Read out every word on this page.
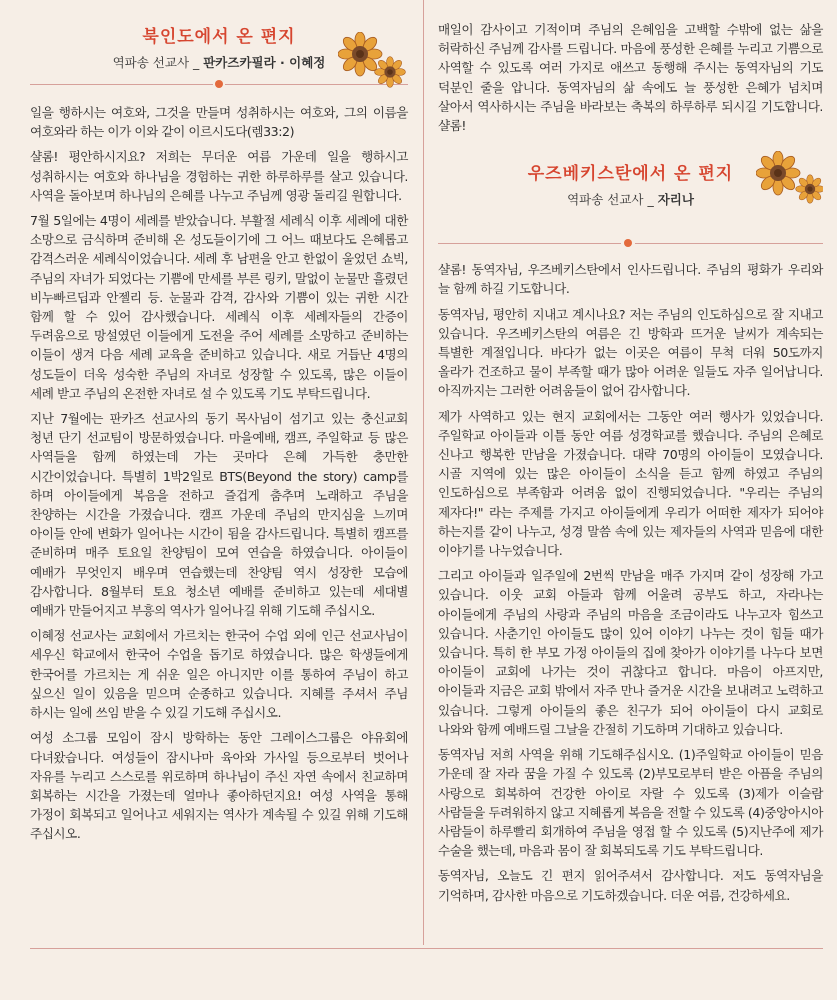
북인도에서 온 편지
역파송 선교사 _ 판카즈카필라 · 이혜정

일을 행하시는 여호와, 그것을 만들며 성취하시는 여호와, 그의 이름을 여호와라 하는 이가 이와 같이 이르시도다(렘33:2)

샬롬! 평안하시지요? 저희는 무더운 여름 가운데 일을 행하시고 성취하시는 여호와 하나님을 경험하는 귀한 하루하루를 살고 있습니다. 사역을 돌아보며 하나님의 은혜를 나누고 주님께 영광 돌리길 원합니다.

7월 5일에는 4명이 세례를 받았습니다. 부활절 세례식 이후 세례에 대한 소망으로 금식하며 준비해 온 성도들이기에 그 어느 때보다도 은혜롭고 감격스러운 세례식이었습니다. 세례 후 남편을 안고 한없이 울었던 쇼빅, 주님의 자녀가 되었다는 기쁨에 만세를 부른 링키, 말없이 눈물만 흘렸던 비누빠르딥과 안젤리 등. 눈물과 감격, 감사와 기쁨이 있는 귀한 시간 함께 할 수 있어 감사했습니다. 세례식 이후 세례자들의 간증이 두려움으로 망설였던 이들에게 도전을 주어 세례를 소망하고 준비하는 이들이 생겨 다음 세례 교육을 준비하고 있습니다. 새로 거듭난 4명의 성도들이 더욱 성숙한 주님의 자녀로 성장할 수 있도록, 많은 이들이 세례 받고 주님의 온전한 자녀로 설 수 있도록 기도 부탁드립니다.

지난 7월에는 판카즈 선교사의 동기 목사님이 섬기고 있는 충신교회 청년 단기 선교팀이 방문하였습니다. 마을예배, 캠프, 주일학교 등 많은 사역들을 함께 하였는데 가는 곳마다 은혜 가득한 충만한 시간이었습니다. 특별히 1박2일로 BTS(Beyond the story) camp를 하며 아이들에게 복음을 전하고 즐겁게 춤추며 노래하고 주님을 찬양하는 시간을 가졌습니다. 캠프 가운데 주님의 만지심을 느끼며 아이들 안에 변화가 일어나는 시간이 됨을 감사드립니다. 특별히 캠프를 준비하며 매주 토요일 찬양팀이 모여 연습을 하였습니다. 아이들이 예배가 무엇인지 배우며 연습했는데 찬양팀 역시 성장한 모습에 감사합니다. 8월부터 토요 청소년 예배를 준비하고 있는데 세대별 예배가 만들어지고 부흥의 역사가 일어나길 위해 기도해 주십시오.

이혜정 선교사는 교회에서 가르치는 한국어 수업 외에 인근 선교사님이 세우신 학교에서 한국어 수업을 돕기로 하였습니다. 많은 학생들에게 한국어를 가르치는 게 쉬운 일은 아니지만 이를 통하여 주님이 하고 싶으신 일이 있음을 믿으며 순종하고 있습니다. 지혜를 주셔서 주님 하시는 일에 쓰임 받을 수 있길 기도해 주십시오.

여성 소그룹 모임이 잠시 방학하는 동안 그레이스그룹은 야유회에 다녀왔습니다. 여성들이 잠시나마 육아와 가사일 등으로부터 벗어나 자유를 누리고 스스로를 위로하며 하나님이 주신 자연 속에서 친교하며 회복하는 시간을 가졌는데 얼마나 좋아하던지요! 여성 사역을 통해 가정이 회복되고 일어나고 세워지는 역사가 계속될 수 있길 위해 기도해 주십시오.

매일이 감사이고 기적이며 주님의 은혜임을 고백할 수밖에 없는 삶을 허락하신 주님께 감사를 드립니다. 마음에 풍성한 은혜를 누리고 기쁨으로 사역할 수 있도록 여러 가지로 애쓰고 동행해 주시는 동역자님의 기도 덕분인 줄을 압니다. 동역자님의 삶 속에도 늘 풍성한 은혜가 넘치며 살아서 역사하시는 주님을 바라보는 축복의 하루하루 되시길 기도합니다. 샬롬!

우즈베키스탄에서 온 편지
역파송 선교사 _ 자리나

샬롬! 동역자님, 우즈베키스탄에서 인사드립니다. 주님의 평화가 우리와 늘 함께 하길 기도합니다.

동역자님, 평안히 지내고 계시나요? 저는 주님의 인도하심으로 잘 지내고 있습니다. 우즈베키스탄의 여름은 긴 방학과 뜨거운 날씨가 계속되는 특별한 계절입니다. 바다가 없는 이곳은 여름이 무척 더워 50도까지 올라가 건조하고 물이 부족할 때가 많아 어려운 일들도 자주 일어납니다. 아직까지는 그러한 어려움들이 없어 감사합니다.

제가 사역하고 있는 현지 교회에서는 그동안 여러 행사가 있었습니다. 주일학교 아이들과 이틀 동안 여름 성경학교를 했습니다. 주님의 은혜로 신나고 행복한 만남을 가졌습니다. 대략 70명의 아이들이 모였습니다. 시골 지역에 있는 많은 아이들이 소식을 듣고 함께 하였고 주님의 인도하심으로 부족함과 어려움 없이 진행되었습니다. "우리는 주님의 제자다!" 라는 주제를 가지고 아이들에게 우리가 어떠한 제자가 되어야 하는지를 같이 나누고, 성경 말씀 속에 있는 제자들의 사역과 믿음에 대한 이야기를 나누었습니다.

그리고 아이들과 일주일에 2번씩 만남을 매주 가지며 같이 성장해 가고 있습니다. 이웃 교회 아들과 함께 어울려 공부도 하고, 자라나는 아이들에게 주님의 사랑과 주님의 마음을 조금이라도 나누고자 힘쓰고 있습니다. 사춘기인 아이들도 많이 있어 이야기 나누는 것이 힘들 때가 있습니다. 특히 한 부모 가정 아이들의 집에 찾아가 이야기를 나누다 보면 아이들이 교회에 나가는 것이 귀찮다고 합니다. 마음이 아프지만, 아이들과 지금은 교회 밖에서 자주 만나 즐거운 시간을 보내려고 노력하고 있습니다. 그렇게 아이들의 좋은 친구가 되어 아이들이 다시 교회로 나와와 함께 예배드릴 그날을 간절히 기도하며 기대하고 있습니다.

동역자님 저희 사역을 위해 기도해주십시오. (1)주일학교 아이들이 믿음 가운데 잘 자라 꿈을 가질 수 있도록 (2)부모로부터 받은 아픔을 주님의 사랑으로 회복하여 건강한 아이로 자랄 수 있도록 (3)제가 이슬람 사람들을 두려워하지 않고 지혜롭게 복음을 전할 수 있도록 (4)중앙아시아 사람들이 하루빨리 회개하여 주님을 영접 할 수 있도록 (5)지난주에 제가 수술을 했는데, 마음과 몸이 잘 회복되도록 기도 부탁드립니다.

동역자님, 오늘도 긴 편지 읽어주셔서 감사합니다. 저도 동역자님을 기억하며, 감사한 마음으로 기도하겠습니다. 더운 여름, 건강하세요.
